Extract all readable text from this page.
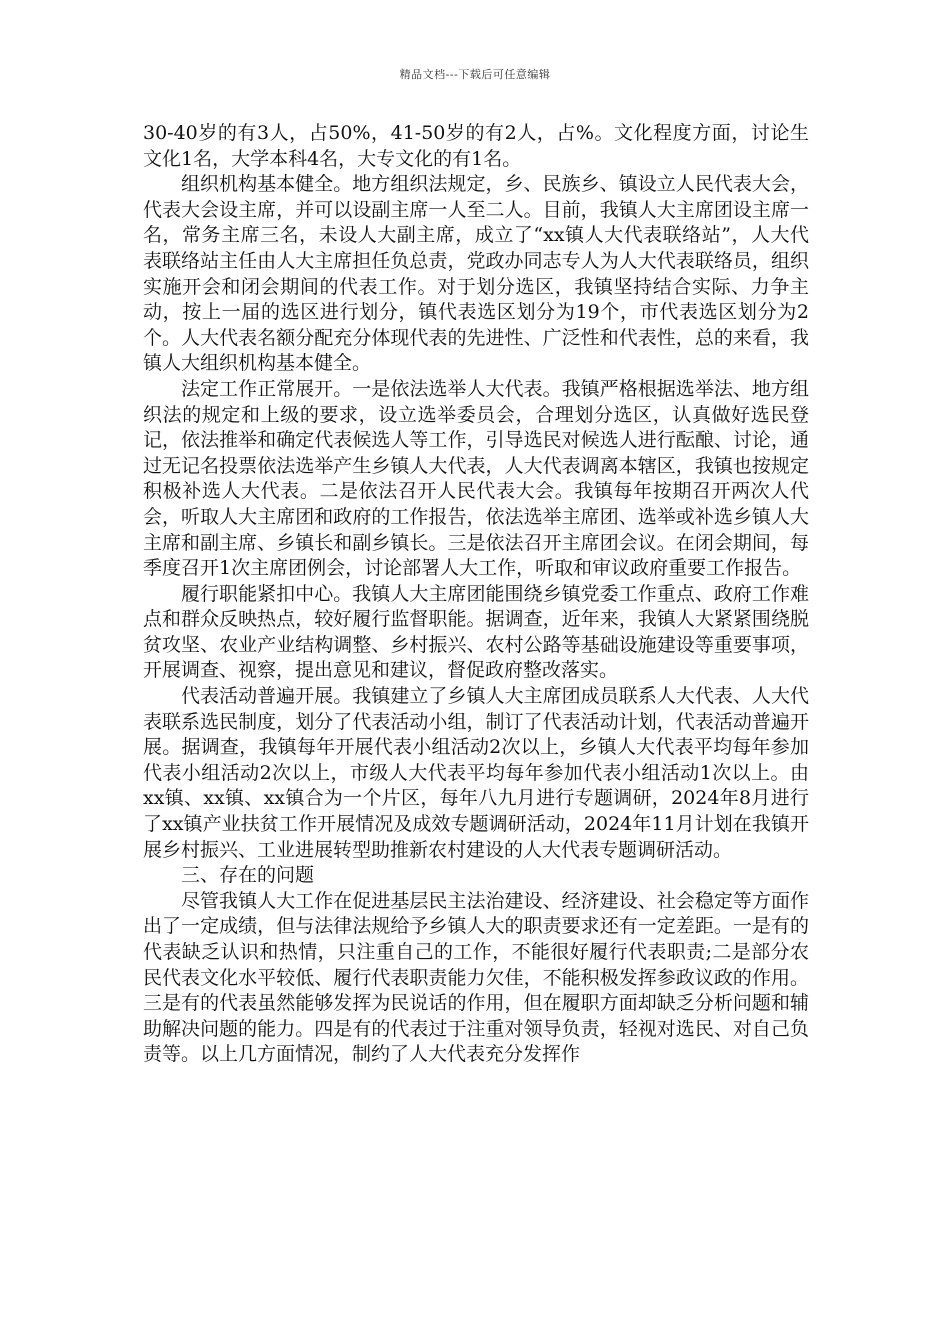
精品文档---下载后可任意编辑

30-40岁的有3人，占50%，41-50岁的有2人，占%。文化程度方面，讨论生文化1名，大学本科4名，大专文化的有1名。

组织机构基本健全。地方组织法规定，乡、民族乡、镇设立人民代表大会，代表大会设主席，并可以设副主席一人至二人。目前，我镇人大主席团设主席一名，常务主席三名，未设人大副主席，成立了“xx镇人大代表联络站”，人大代表联络站主任由人大主席担任负总责，党政办同志专人为人大代表联络员，组织实施开会和闭会期间的代表工作。对于划分选区，我镇坚持结合实际、力争主动，按上一届的选区进行划分，镇代表选区划分为19个，市代表选区划分为2个。人大代表名额分配充分体现代表的先进性、广泛性和代表性，总的来看，我镇人大组织机构基本健全。

法定工作正常展开。一是依法选举人大代表。我镇严格根据选举法、地方组织法的规定和上级的要求，设立选举委员会，合理划分选区，认真做好选民登记，依法推举和确定代表候选人等工作，引导选民对候选人进行酝酿、讨论，通过无记名投票依法选举产生乡镇人大代表，人大代表调离本辖区，我镇也按规定积极补选人大代表。二是依法召开人民代表大会。我镇每年按期召开两次人代会，听取人大主席团和政府的工作报告，依法选举主席团、选举或补选乡镇人大主席和副主席、乡镇长和副乡镇长。三是依法召开主席团会议。在闭会期间，每季度召开1次主席团例会，讨论部署人大工作，听取和审议政府重要工作报告。

履行职能紧扣中心。我镇人大主席团能围绕乡镇党委工作重点、政府工作难点和群众反映热点，较好履行监督职能。据调查，近年来，我镇人大紧紧围绕脱贫攻坚、农业产业结构调整、乡村振兴、农村公路等基础设施建设等重要事项，开展调查、视察，提出意见和建议，督促政府整改落实。

代表活动普遍开展。我镇建立了乡镇人大主席团成员联系人大代表、人大代表联系选民制度，划分了代表活动小组，制订了代表活动计划，代表活动普遍开展。据调查，我镇每年开展代表小组活动2次以上，乡镇人大代表平均每年参加代表小组活动2次以上，市级人大代表平均每年参加代表小组活动1次以上。由xx镇、xx镇、xx镇合为一个片区，每年八九月进行专题调研，2024年8月进行了xx镇产业扶贫工作开展情况及成效专题调研活动，2024年11月计划在我镇开展乡村振兴、工业进展转型助推新农村建设的人大代表专题调研活动。

三、存在的问题

尽管我镇人大工作在促进基层民主法治建设、经济建设、社会稳定等方面作出了一定成绩，但与法律法规给予乡镇人大的职责要求还有一定差距。一是有的代表缺乏认识和热情，只注重自己的工作，不能很好履行代表职责;二是部分农民代表文化水平较低、履行代表职责能力欠佳，不能积极发挥参政议政的作用。三是有的代表虽然能够发挥为民说话的作用，但在履职方面却缺乏分析问题和辅助解决问题的能力。四是有的代表过于注重对领导负责，轻视对选民、对自己负责等。以上几方面情况，制约了人大代表充分发挥作
